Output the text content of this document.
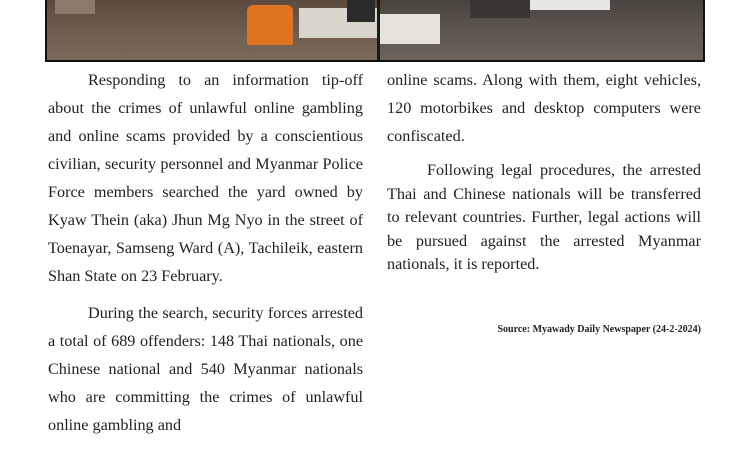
Responding to an information tip-off about the crimes of unlawful online gambling and online scams provided by a conscientious civilian, security personnel and Myanmar Police Force members searched the yard owned by Kyaw Thein (aka) Jhun Mg Nyo in the street of Toenayar, Samseng Ward (A), Tachileik, eastern Shan State on 23 February.

During the search, security forces arrested a total of 689 offenders: 148 Thai nationals, one Chinese national and 540 Myanmar nationals who are committing the crimes of unlawful online gambling and

online scams. Along with them, eight vehicles, 120 motorbikes and desktop computers were confiscated.

Following legal procedures, the arrested Thai and Chinese nationals will be transferred to relevant countries. Further, legal actions will be pursued against the arrested Myanmar nationals, it is reported.

Source: Myawady Daily Newspaper (24-2-2024)
